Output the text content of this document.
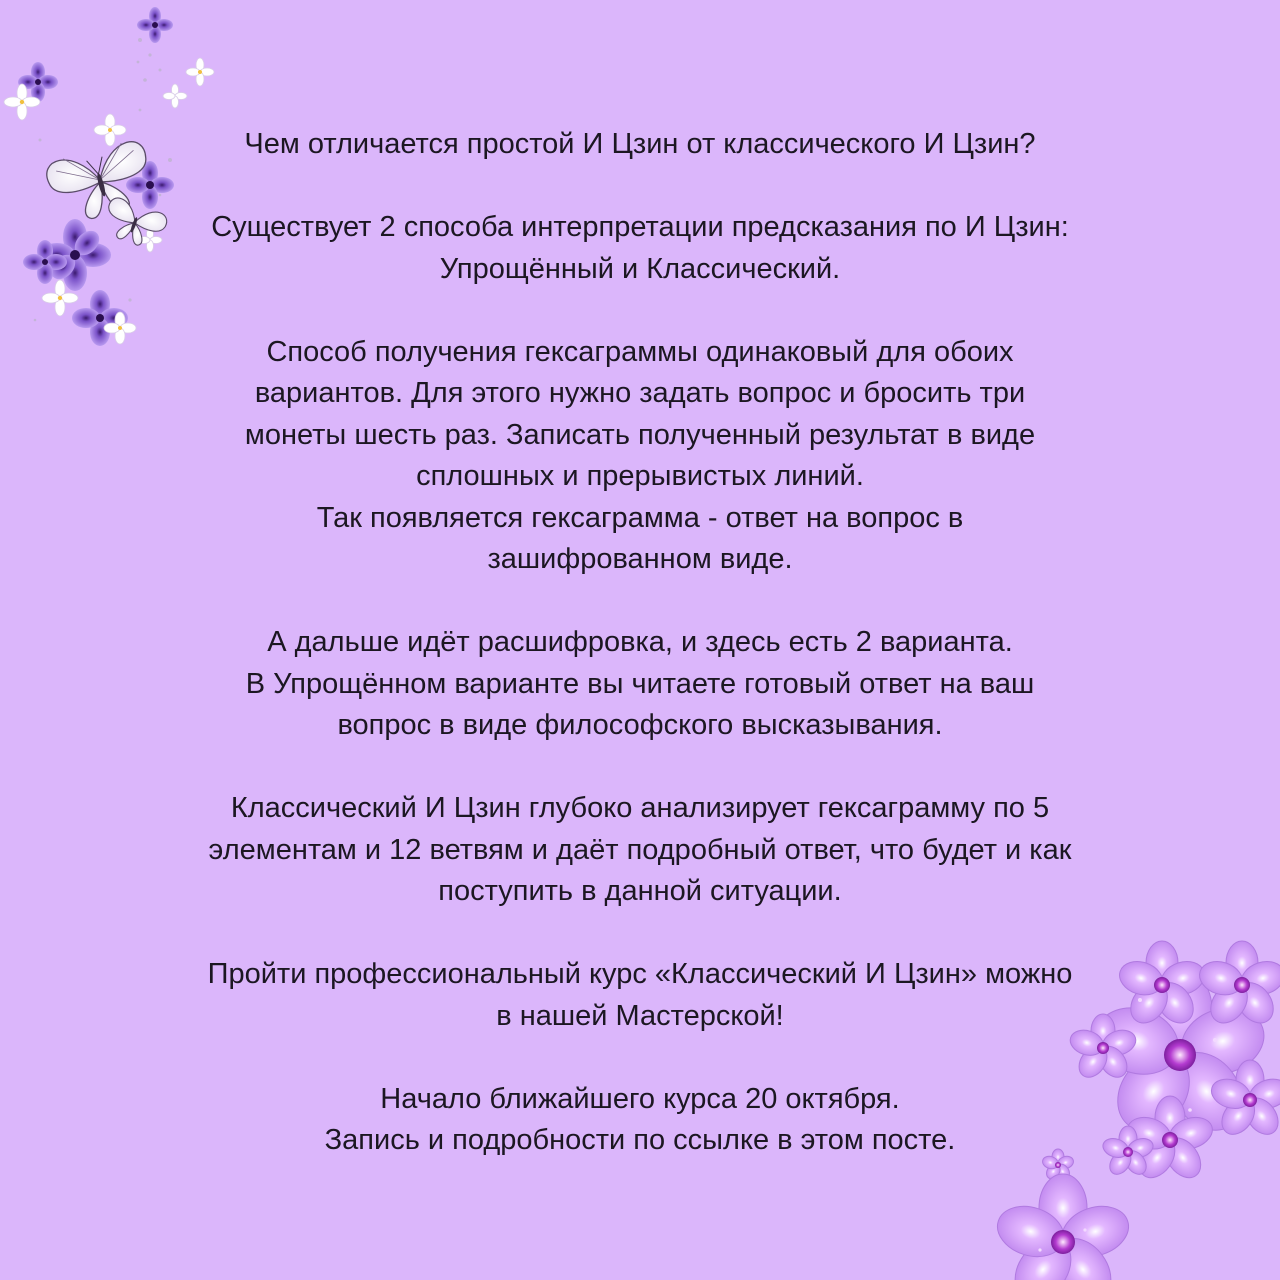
Чем отличается простой И Цзин от классического И Цзин?

Существует 2 способа интерпретации предсказания по И Цзин:
Упрощённый и Классический.

Способ получения гексаграммы одинаковый для обоих
вариантов. Для этого нужно задать вопрос и бросить три
монеты шесть раз. Записать полученный результат в виде
сплошных и прерывистых линий.
Так появляется гексаграмма - ответ на вопрос в
зашифрованном виде.

А дальше идёт расшифровка, и здесь есть 2 варианта.
В Упрощённом варианте вы читаете готовый ответ на ваш
вопрос в виде философского высказывания.

Классический И Цзин глубоко анализирует гексаграмму по 5
элементам и 12 ветвям и даёт подробный ответ, что будет и как
поступить в данной ситуации.

Пройти профессиональный курс «Классический И Цзин» можно
в нашей Мастерской!

Начало ближайшего курса 20 октября.
Запись и подробности по ссылке в этом посте.
